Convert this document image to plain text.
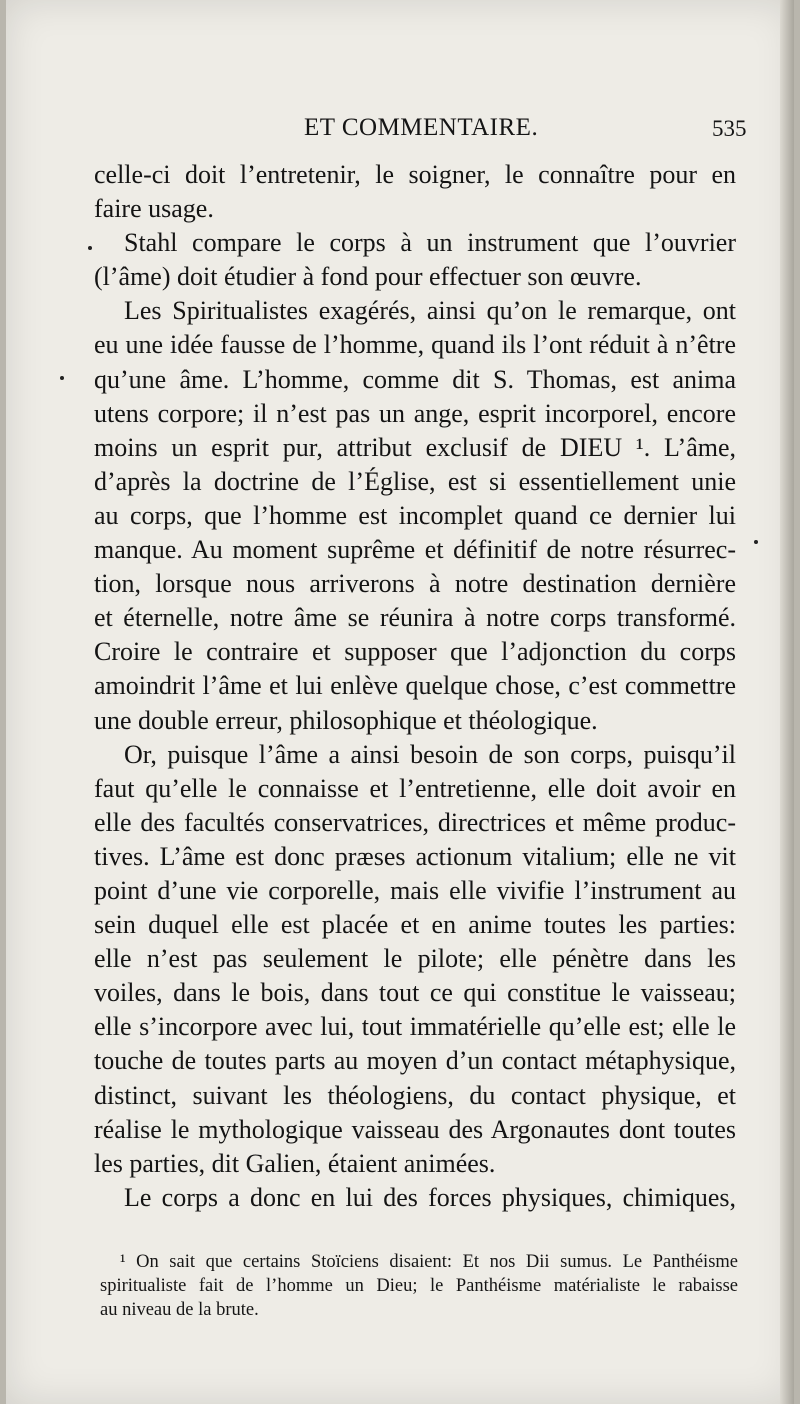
ET COMMENTAIRE.	535
celle-ci doit l’entretenir, le soigner, le connaître pour en
faire usage.
Stahl compare le corps à un instrument que l’ouvrier
(l’âme) doit étudier à fond pour effectuer son œuvre.
Les Spiritualistes exagérés, ainsi qu’on le remarque, ont
eu une idée fausse de l’homme, quand ils l’ont réduit à n’être
qu’une âme. L’homme, comme dit S. Thomas, est anima
utens corpore; il n’est pas un ange, esprit incorporel, encore
moins un esprit pur, attribut exclusif de DIEU ¹. L’âme,
d’après la doctrine de l’Église, est si essentiellement unie
au corps, que l’homme est incomplet quand ce dernier lui
manque. Au moment suprême et définitif de notre résurrec-
tion, lorsque nous arriverons à notre destination dernière
et éternelle, notre âme se réunira à notre corps transformé.
Croire le contraire et supposer que l’adjonction du corps
amoindrit l’âme et lui enlève quelque chose, c’est commettre
une double erreur, philosophique et théologique.
Or, puisque l’âme a ainsi besoin de son corps, puisqu’il
faut qu’elle le connaisse et l’entretienne, elle doit avoir en
elle des facultés conservatrices, directrices et même produc-
tives. L’âme est donc præses actionum vitalium; elle ne vit
point d’une vie corporelle, mais elle vivifie l’instrument au
sein duquel elle est placée et en anime toutes les parties:
elle n’est pas seulement le pilote; elle pénètre dans les
voiles, dans le bois, dans tout ce qui constitue le vaisseau;
elle s’incorpore avec lui, tout immatérielle qu’elle est; elle le
touche de toutes parts au moyen d’un contact métaphysique,
distinct, suivant les théologiens, du contact physique, et
réalise le mythologique vaisseau des Argonautes dont toutes
les parties, dit Galien, étaient animées.
Le corps a donc en lui des forces physiques, chimiques,
¹ On sait que certains Stoïciens disaient: Et nos Dii sumus. Le Panthéisme
spiritualiste fait de l’homme un Dieu; le Panthéisme matérialiste le rabaisse
au niveau de la brute.
